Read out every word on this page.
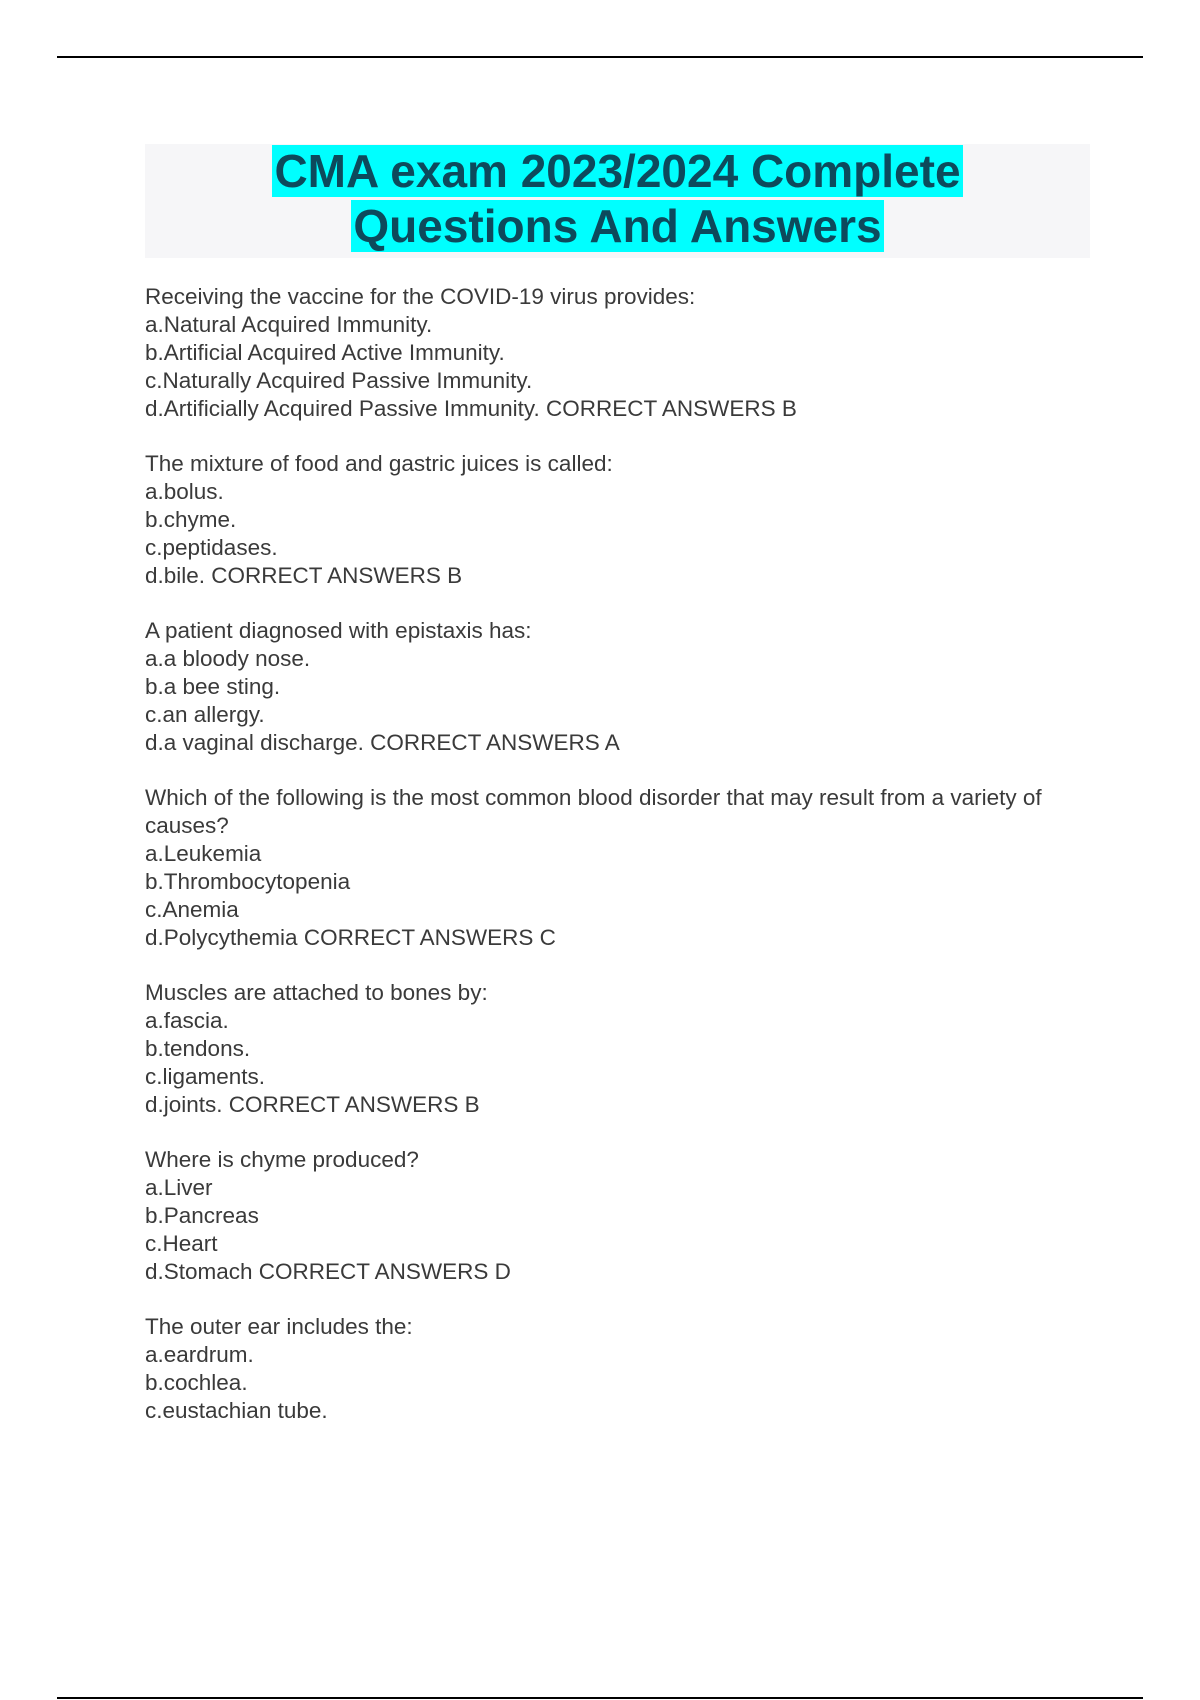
CMA exam 2023/2024 Complete
Questions And Answers
Receiving the vaccine for the COVID-19 virus provides:
a.Natural Acquired Immunity.
b.Artificial Acquired Active Immunity.
c.Naturally Acquired Passive Immunity.
d.Artificially Acquired Passive Immunity. CORRECT ANSWERS B
The mixture of food and gastric juices is called:
a.bolus.
b.chyme.
c.peptidases.
d.bile. CORRECT ANSWERS B
A patient diagnosed with epistaxis has:
a.a bloody nose.
b.a bee sting.
c.an allergy.
d.a vaginal discharge. CORRECT ANSWERS A
Which of the following is the most common blood disorder that may result from a variety of causes?
a.Leukemia
b.Thrombocytopenia
c.Anemia
d.Polycythemia CORRECT ANSWERS C
Muscles are attached to bones by:
a.fascia.
b.tendons.
c.ligaments.
d.joints. CORRECT ANSWERS B
Where is chyme produced?
a.Liver
b.Pancreas
c.Heart
d.Stomach CORRECT ANSWERS D
The outer ear includes the:
a.eardrum.
b.cochlea.
c.eustachian tube.
